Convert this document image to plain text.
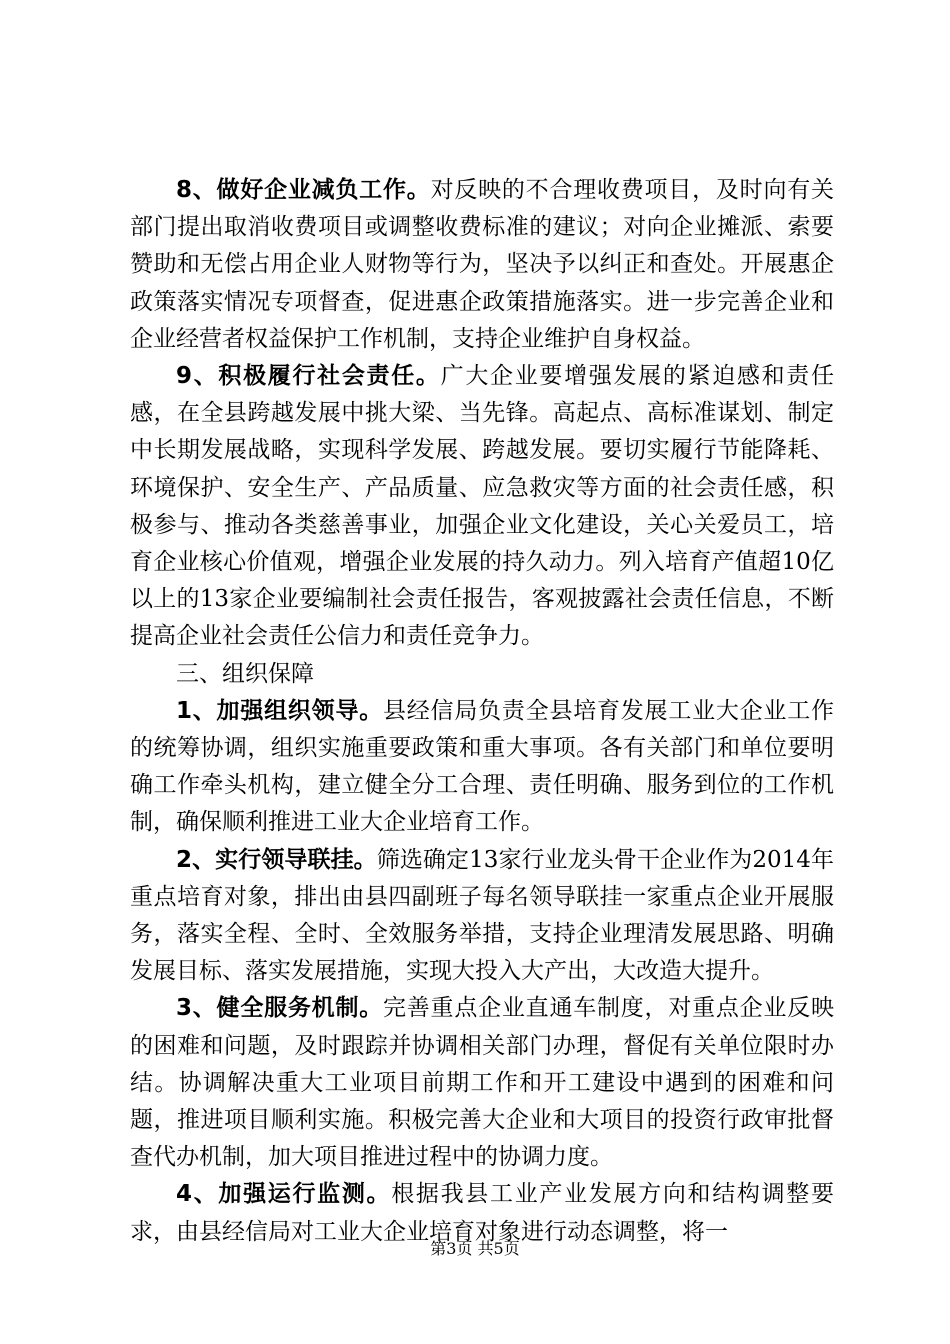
8、做好企业减负工作。对反映的不合理收费项目，及时向有关部门提出取消收费项目或调整收费标准的建议；对向企业摊派、索要赞助和无偿占用企业人财物等行为，坚决予以纠正和查处。开展惠企政策落实情况专项督查，促进惠企政策措施落实。进一步完善企业和企业经营者权益保护工作机制，支持企业维护自身权益。

9、积极履行社会责任。广大企业要增强发展的紧迫感和责任感，在全县跨越发展中挑大梁、当先锋。高起点、高标准谋划、制定中长期发展战略，实现科学发展、跨越发展。要切实履行节能降耗、环境保护、安全生产、产品质量、应急救灾等方面的社会责任感，积极参与、推动各类慈善事业，加强企业文化建设，关心关爱员工，培育企业核心价值观，增强企业发展的持久动力。列入培育产值超10亿以上的13家企业要编制社会责任报告，客观披露社会责任信息，不断提高企业社会责任公信力和责任竞争力。

三、组织保障

1、加强组织领导。县经信局负责全县培育发展工业大企业工作的统筹协调，组织实施重要政策和重大事项。各有关部门和单位要明确工作牵头机构，建立健全分工合理、责任明确、服务到位的工作机制，确保顺利推进工业大企业培育工作。

2、实行领导联挂。筛选确定13家行业龙头骨干企业作为2014年重点培育对象，排出由县四副班子每名领导联挂一家重点企业开展服务，落实全程、全时、全效服务举措，支持企业理清发展思路、明确发展目标、落实发展措施，实现大投入大产出，大改造大提升。

3、健全服务机制。完善重点企业直通车制度，对重点企业反映的困难和问题，及时跟踪并协调相关部门办理，督促有关单位限时办结。协调解决重大工业项目前期工作和开工建设中遇到的困难和问题，推进项目顺利实施。积极完善大企业和大项目的投资行政审批督查代办机制，加大项目推进过程中的协调力度。

4、加强运行监测。根据我县工业产业发展方向和结构调整要求，由县经信局对工业大企业培育对象进行动态调整，将一

第3页 共5页
